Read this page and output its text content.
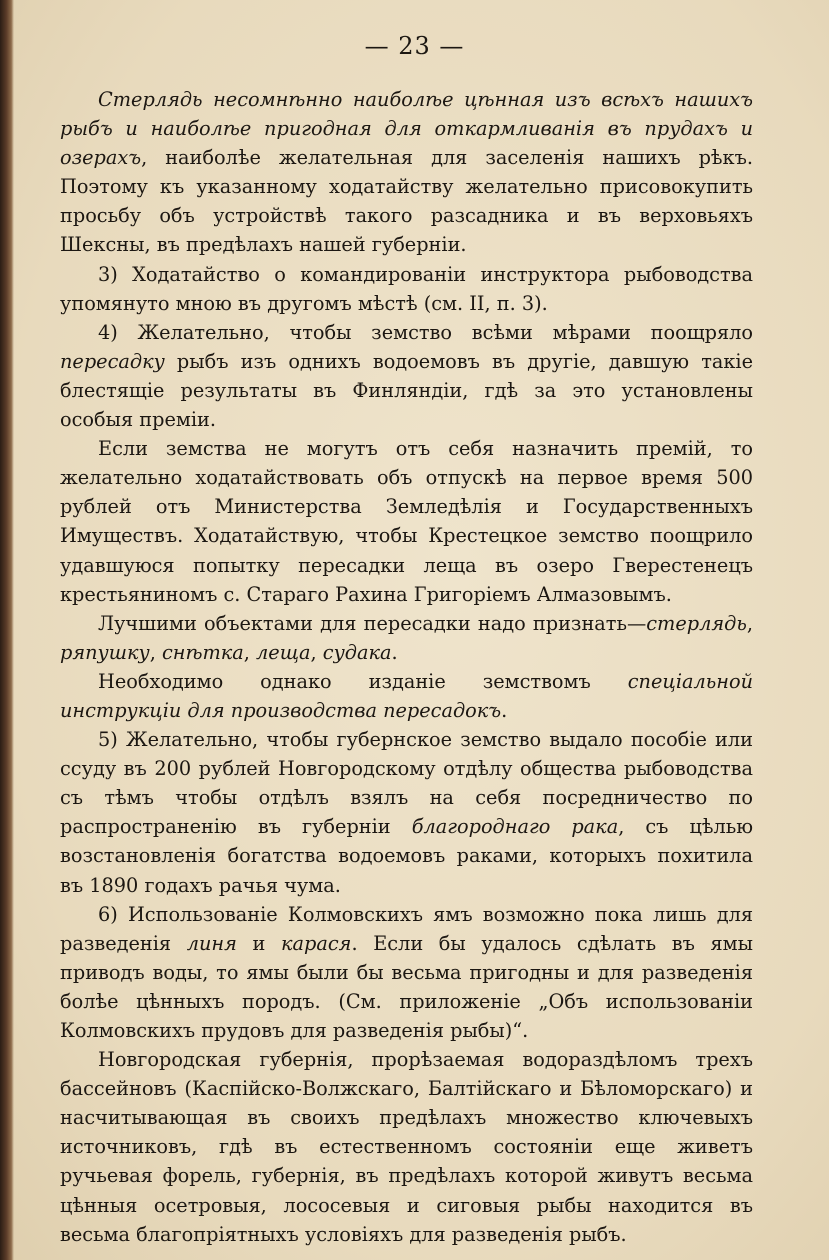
— 23 —

Стерлядь несомнѣнно наиболѣе цѣнная изъ всѣхъ нашихъ рыбъ и наиболѣе пригодная для откармливанія въ прудахъ и озерахъ, наиболѣе желательная для заселенія нашихъ рѣкъ. Поэтому къ указанному ходатайству желательно присовокупить просьбу объ устройствѣ такого разсадника и въ верховьяхъ Шексны, въ предѣлахъ нашей губерніи.

3) Ходатайство о командированіи инструктора рыбоводства упомянуто мною въ другомъ мѣстѣ (см. II, п. 3).

4) Желательно, чтобы земство всѣми мѣрами поощряло пересадку рыбъ изъ однихъ водоемовъ въ другіе, давшую такіе блестящіе результаты въ Финляндіи, гдѣ за это установлены особыя преміи.

Если земства не могутъ отъ себя назначить премій, то желательно ходатайствовать объ отпускѣ на первое время 500 рублей отъ Министерства Земледѣлія и Государственныхъ Имуществъ. Ходатайствую, чтобы Крестецкое земство поощрило удавшуюся попытку пересадки леща въ озеро Гверестенецъ крестьяниномъ с. Стараго Рахина Григоріемъ Алмазовымъ.

Лучшими объектами для пересадки надо признать—стерлядь, ряпушку, снѣтка, леща, судака.

Необходимо однако изданіе земствомъ спеціальной инструкціи для производства пересадокъ.

5) Желательно, чтобы губернское земство выдало пособіе или ссуду въ 200 рублей Новгородскому отдѣлу общества рыбоводства съ тѣмъ чтобы отдѣлъ взялъ на себя посредничество по распространенію въ губерніи благороднаго рака, съ цѣлью возстановленія богатства водоемовъ раками, которыхъ похитила въ 1890 годахъ рачья чума.

6) Использованіе Колмовскихъ ямъ возможно пока лишь для разведенія линя и карася. Если бы удалось сдѣлать въ ямы приводъ воды, то ямы были бы весьма пригодны и для разведенія болѣе цѣнныхъ породъ. (См. приложеніе „Объ использованіи Колмовскихъ прудовъ для разведенія рыбы)“.

Новгородская губернія, прорѣзаемая водораздѣломъ трехъ бассейновъ (Каспійско-Волжскаго, Балтійскаго и Бѣломорскаго) и насчитывающая въ своихъ предѣлахъ множество ключевыхъ источниковъ, гдѣ въ естественномъ состояніи еще живетъ ручьевая форель, губернія, въ предѣлахъ которой живутъ весьма цѣнныя осетровыя, лососевыя и сиговыя рыбы находится въ весьма благопріятныхъ условіяхъ для разведенія рыбъ.
